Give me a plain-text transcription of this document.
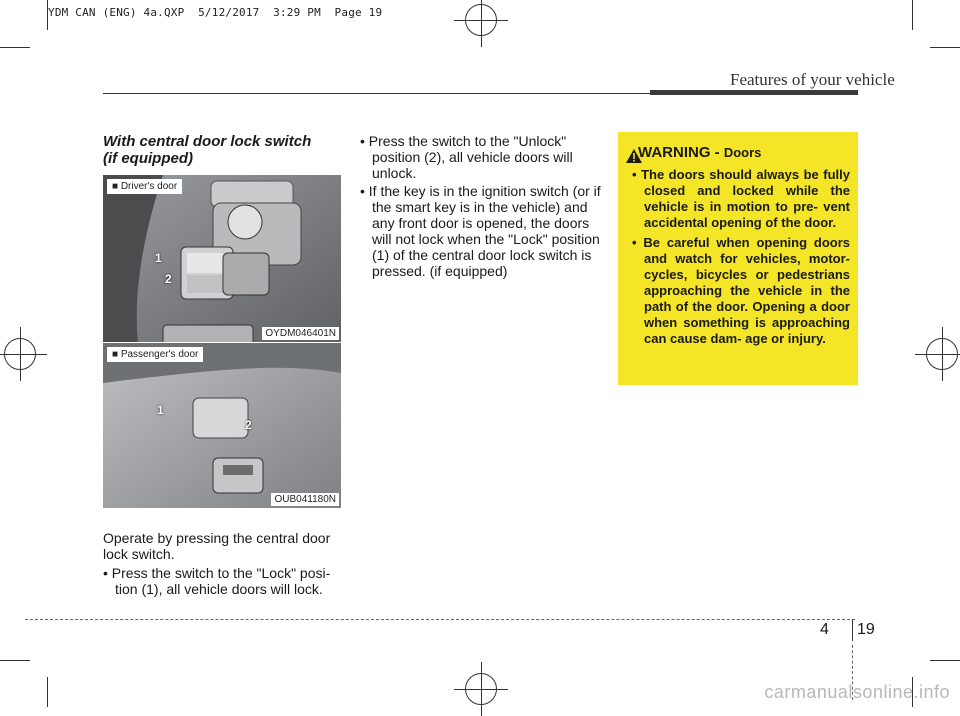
YDM CAN (ENG) 4a.QXP  5/12/2017  3:29 PM  Page 19
Features of your vehicle
With central door lock switch
(if equipped)
■ Driver's door
1
2
OYDM046401N
■ Passenger's door
1
2
OUB041180N
Operate by pressing the central door lock switch.
• Press the switch to the "Lock" posi- tion (1), all vehicle doors will lock.
• Press the switch to the "Unlock" position (2), all vehicle doors will unlock.
• If the key is in the ignition switch (or if the smart key is in the vehicle) and any front door is opened, the doors will not lock when the "Lock" position (1) of the central door lock switch is pressed. (if equipped)
WARNING - Doors
• The doors should always be fully closed and locked while the vehicle is in motion to pre- vent accidental opening of the door.
• Be careful when opening doors and watch for vehicles, motor- cycles, bicycles or pedestrians approaching the vehicle in the path of the door. Opening a door when something is approaching can cause dam- age or injury.
4 19
carmanualsonline.info
